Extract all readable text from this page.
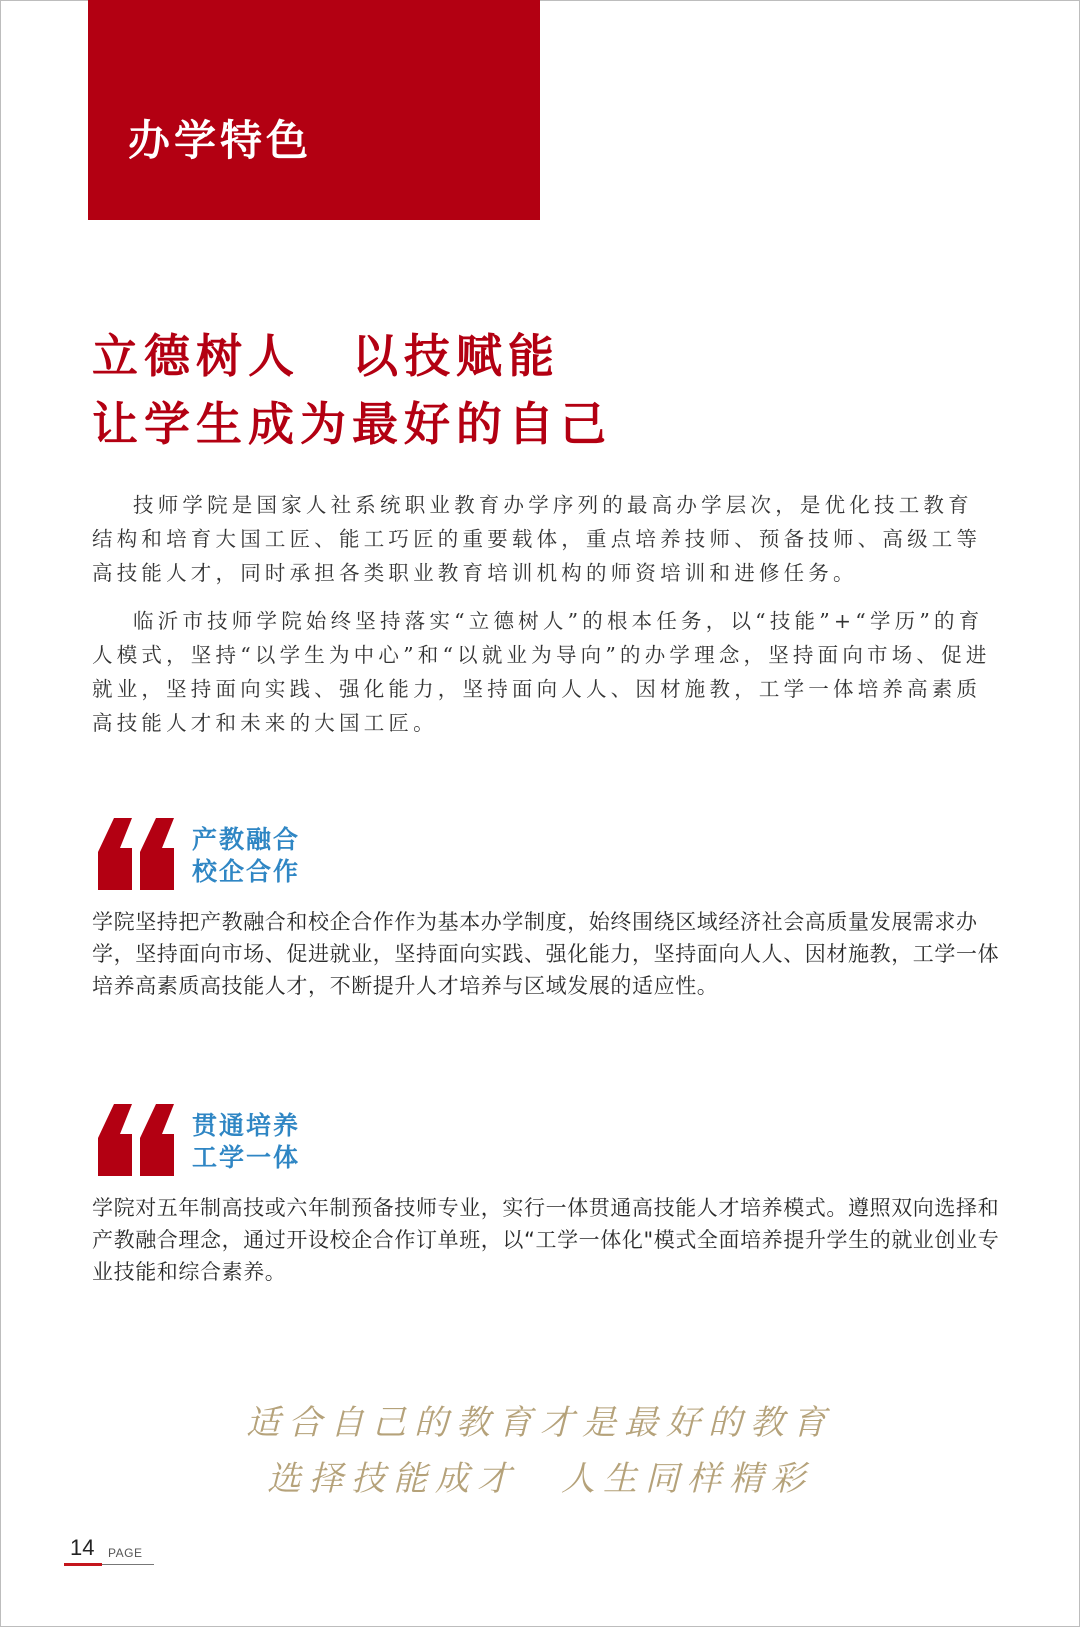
办学特色
立德树人　以技赋能
让学生成为最好的自己

技师学院是国家人社系统职业教育办学序列的最高办学层次，是优化技工教育结构和培育大国工匠、能工巧匠的重要载体，重点培养技师、预备技师、高级工等高技能人才，同时承担各类职业教育培训机构的师资培训和进修任务。

临沂市技师学院始终坚持落实“立德树人”的根本任务，以“技能”+“学历”的育人模式，坚持“以学生为中心”和“以就业为导向”的办学理念，坚持面向市场、促进就业，坚持面向实践、强化能力，坚持面向人人、因材施教，工学一体培养高素质高技能人才和未来的大国工匠。

产教融合
校企合作

学院坚持把产教融合和校企合作作为基本办学制度，始终围绕区域经济社会高质量发展需求办学，坚持面向市场、促进就业，坚持面向实践、强化能力，坚持面向人人、因材施教，工学一体培养高素质高技能人才，不断提升人才培养与区域发展的适应性。

贯通培养
工学一体

学院对五年制高技或六年制预备技师专业，实行一体贯通高技能人才培养模式。遵照双向选择和产教融合理念，通过开设校企合作订单班，以“工学一体化"模式全面培养提升学生的就业创业专业技能和综合素养。

适合自己的教育才是最好的教育
选择技能成才　人生同样精彩
14 PAGE
